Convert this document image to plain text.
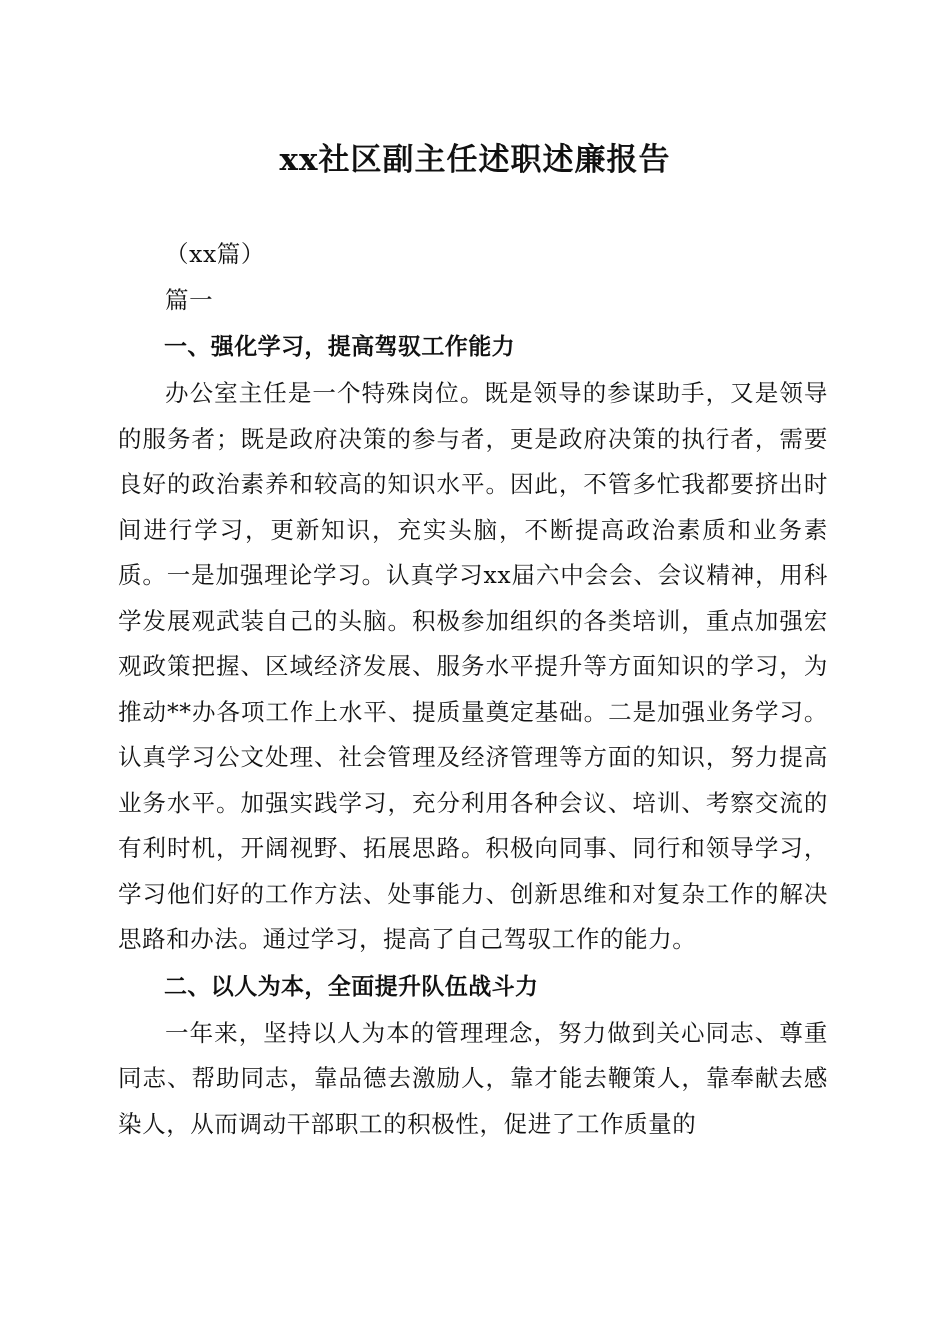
xx社区副主任述职述廉报告

（xx篇）

篇一

一、强化学习，提高驾驭工作能力

办公室主任是一个特殊岗位。既是领导的参谋助手，又是领导的服务者；既是政府决策的参与者，更是政府决策的执行者，需要良好的政治素养和较高的知识水平。因此，不管多忙我都要挤出时间进行学习，更新知识，充实头脑，不断提高政治素质和业务素质。一是加强理论学习。认真学习xx届六中会会、会议精神，用科学发展观武装自己的头脑。积极参加组织的各类培训，重点加强宏观政策把握、区域经济发展、服务水平提升等方面知识的学习，为推动**办各项工作上水平、提质量奠定基础。二是加强业务学习。认真学习公文处理、社会管理及经济管理等方面的知识，努力提高业务水平。加强实践学习，充分利用各种会议、培训、考察交流的有利时机，开阔视野、拓展思路。积极向同事、同行和领导学习，学习他们好的工作方法、处事能力、创新思维和对复杂工作的解决思路和办法。通过学习，提高了自己驾驭工作的能力。

二、以人为本，全面提升队伍战斗力

一年来，坚持以人为本的管理理念，努力做到关心同志、尊重同志、帮助同志，靠品德去激励人，靠才能去鞭策人，靠奉献去感染人，从而调动干部职工的积极性，促进了工作质量的
